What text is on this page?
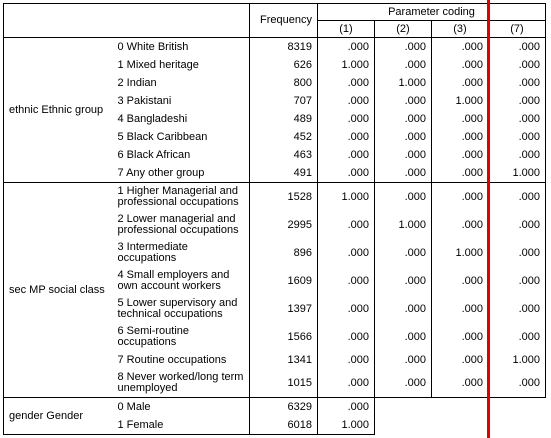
		Frequency	Parameter coding			
			(1)	(2)	(3)	(7)
ethnic Ethnic group	0 White British	8319	.000	.000	.000	.000
	1 Mixed heritage	626	1.000	.000	.000	.000
	2 Indian	800	.000	1.000	.000	.000
	3 Pakistani	707	.000	.000	1.000	.000
	4 Bangladeshi	489	.000	.000	.000	.000
	5 Black Caribbean	452	.000	.000	.000	.000
	6 Black African	463	.000	.000	.000	.000
	7 Any other group	491	.000	.000	.000	1.000
sec MP social class	1 Higher Managerial and professional occupations	1528	1.000	.000	.000	.000
	2 Lower managerial and professional occupations	2995	.000	1.000	.000	.000
	3 Intermediate occupations	896	.000	.000	1.000	.000
	4 Small employers and own account workers	1609	.000	.000	.000	.000
	5 Lower supervisory and technical occupations	1397	.000	.000	.000	.000
	6 Semi-routine occupations	1566	.000	.000	.000	.000
	7 Routine occupations	1341	.000	.000	.000	1.000
	8 Never worked/long term unemployed	1015	.000	.000	.000	.000
gender Gender	0 Male	6329	.000			
	1 Female	6018	1.000			
